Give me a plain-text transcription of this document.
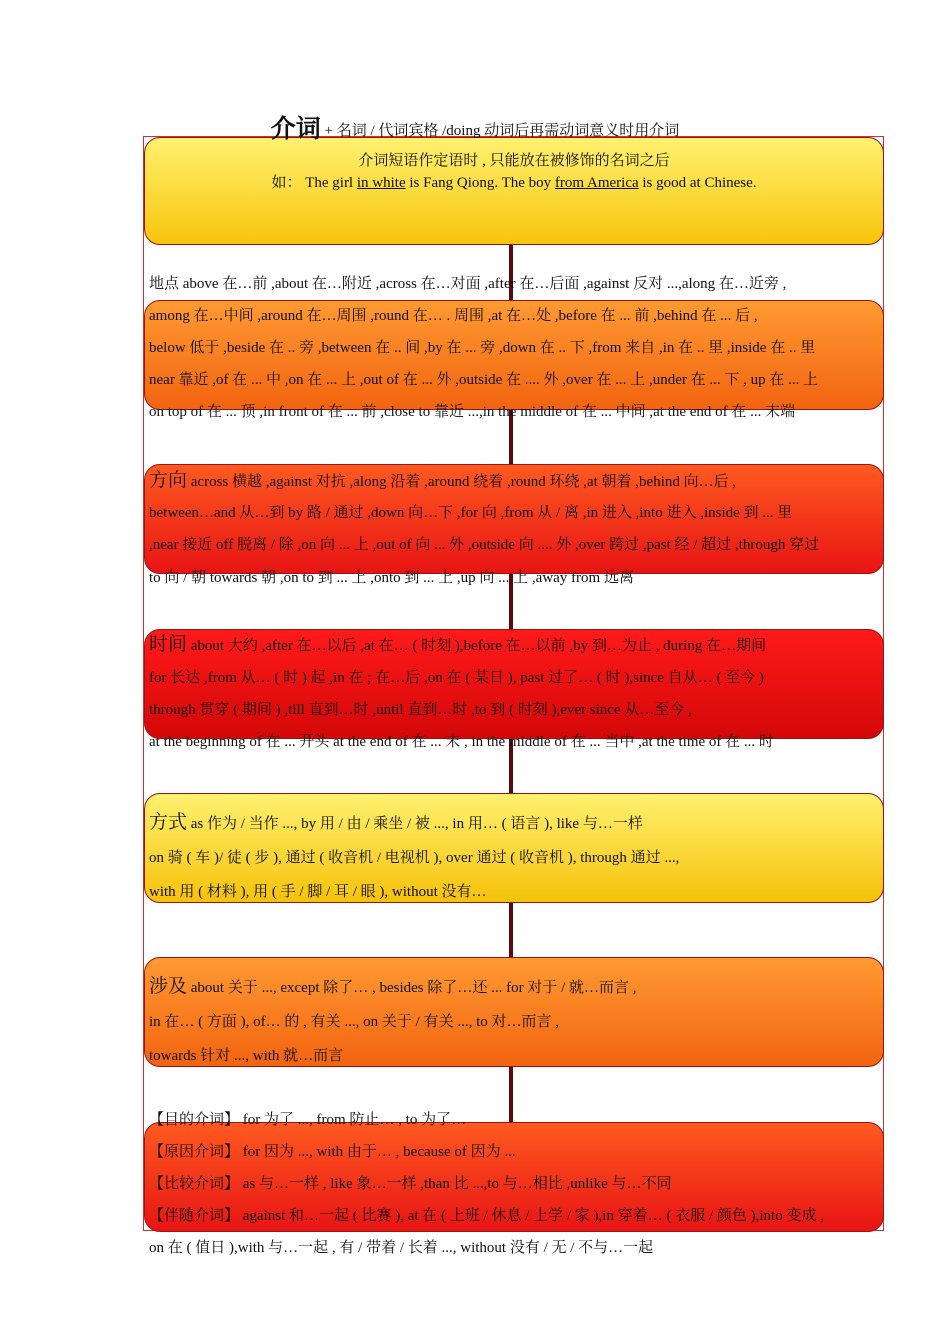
介词 + 名词 / 代词宾格 /doing 动词后再需动词意义时用介词
介词短语作定语时 , 只能放在被修饰的名词之后
如： The girl in white is Fang Qiong. The boy from America is good at Chinese.
地点 above 在…前 ,about 在…附近 ,across 在…对面 ,after 在…后面 ,against 反对 ...,along 在…近旁 ,
among 在…中间 ,around 在…周围 ,round 在… . 周围 ,at 在…处 ,before 在 ... 前 ,behind 在 ... 后 ,
below 低于 ,beside 在 .. 旁 ,between 在 .. 间 ,by 在 ... 旁 ,down 在 .. 下 ,from 来自 ,in 在 .. 里 ,inside 在 .. 里
near 靠近 ,of 在 ... 中 ,on 在 ... 上 ,out of 在 ... 外 ,outside 在 .... 外 ,over 在 ... 上 ,under 在 ... 下 , up 在 ... 上
on top of 在 ... 顶 ,in front of 在 ... 前 ,close to 靠近 ...,in the middle of 在 ... 中间 ,at the end of 在 ... 末端
方向 across 横越 ,against 对抗 ,along 沿着 ,around 绕着 ,round 环绕 ,at 朝着 ,behind 向…后 ,
between…and 从…到 by 路 / 通过 ,down 向…下 ,for 向 ,from 从 / 离 ,in 进入 ,into 进入 ,inside 到 ... 里
,near 接近 off 脱离 / 除 ,on 向 ... 上 ,out of 向 ... 外 ,outside 向 .... 外 ,over 跨过 ,past 经 / 超过 ,through 穿过
to 向 / 朝 towards 朝 ,on to 到 ... 上 ,onto 到 ... 上 ,up 向 ... 上 ,away from 远离
时间 about 大约 ,after 在…以后 ,at 在… ( 时刻 ),before 在…以前 ,by 到…为止 , during 在…期间
for 长达 ,from 从… ( 时 ) 起 ,in 在 ; 在…后 ,on 在 ( 某日 ), past 过了… ( 时 ),since 自从… ( 至今 )
through 贯穿 ( 期间 ) ,till 直到…时 ,until 直到…时 ,to 到 ( 时刻 ),ever since 从…至今 ,
at the beginning of 在 ... 开头 at the end of 在 ... 末 , in the middle of 在 ... 当中 ,at the time of 在 ... 时
方式 as 作为 / 当作 ..., by 用 / 由 / 乘坐 / 被 ..., in 用… ( 语言 ), like 与…一样
on 骑 ( 车 )/ 徒 ( 步 ), 通过 ( 收音机 / 电视机 ), over 通过 ( 收音机 ), through 通过 ...,
with 用 ( 材料 ), 用 ( 手 / 脚 / 耳 / 眼 ), without 没有…
涉及 about 关于 ..., except 除了… , besides 除了…还 ... for 对于 / 就…而言 ,
in 在… ( 方面 ), of… 的 , 有关 ..., on 关于 / 有关 ..., to 对…而言 ,
towards 针对 ..., with 就…而言
【目的介词】 for 为了 ..., from 防止… , to 为了…
【原因介词】 for 因为 ..., with 由于… , because of 因为 ...
【比较介词】 as 与…一样 , like 象…一样 ,than 比 ...,to 与…相比 ,unlike 与…不同
【伴随介词】 against 和…一起 ( 比赛 ), at 在 ( 上班 / 休息 / 上学 / 家 ),in 穿着… ( 衣服 / 颜色 ),into 变成 ,
on 在 ( 值日 ),with 与…一起 , 有 / 带着 / 长着 ..., without 没有 / 无 / 不与…一起
